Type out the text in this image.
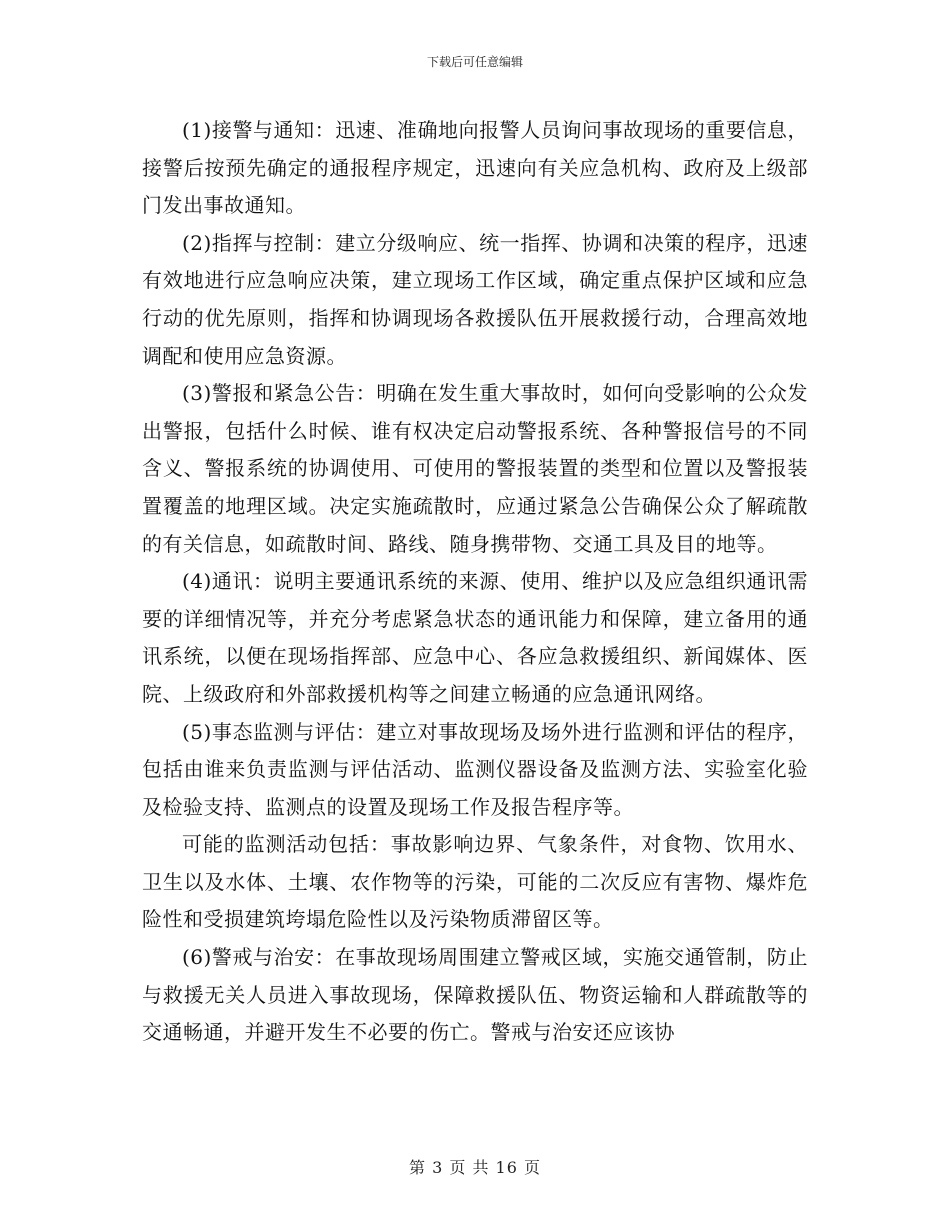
下载后可任意编辑

(1)接警与通知：迅速、准确地向报警人员询问事故现场的重要信息，接警后按预先确定的通报程序规定，迅速向有关应急机构、政府及上级部门发出事故通知。

(2)指挥与控制：建立分级响应、统一指挥、协调和决策的程序，迅速有效地进行应急响应决策，建立现场工作区域，确定重点保护区域和应急行动的优先原则，指挥和协调现场各救援队伍开展救援行动，合理高效地调配和使用应急资源。

(3)警报和紧急公告：明确在发生重大事故时，如何向受影响的公众发出警报，包括什么时候、谁有权决定启动警报系统、各种警报信号的不同含义、警报系统的协调使用、可使用的警报装置的类型和位置以及警报装置覆盖的地理区域。决定实施疏散时，应通过紧急公告确保公众了解疏散的有关信息，如疏散时间、路线、随身携带物、交通工具及目的地等。

(4)通讯：说明主要通讯系统的来源、使用、维护以及应急组织通讯需要的详细情况等，并充分考虑紧急状态的通讯能力和保障，建立备用的通讯系统，以便在现场指挥部、应急中心、各应急救援组织、新闻媒体、医院、上级政府和外部救援机构等之间建立畅通的应急通讯网络。

(5)事态监测与评估：建立对事故现场及场外进行监测和评估的程序，包括由谁来负责监测与评估活动、监测仪器设备及监测方法、实验室化验及检验支持、监测点的设置及现场工作及报告程序等。

可能的监测活动包括：事故影响边界、气象条件，对食物、饮用水、卫生以及水体、土壤、农作物等的污染，可能的二次反应有害物、爆炸危险性和受损建筑垮塌危险性以及污染物质滞留区等。

(6)警戒与治安：在事故现场周围建立警戒区域，实施交通管制，防止与救援无关人员进入事故现场，保障救援队伍、物资运输和人群疏散等的交通畅通，并避开发生不必要的伤亡。警戒与治安还应该协

第 3 页 共 16 页
